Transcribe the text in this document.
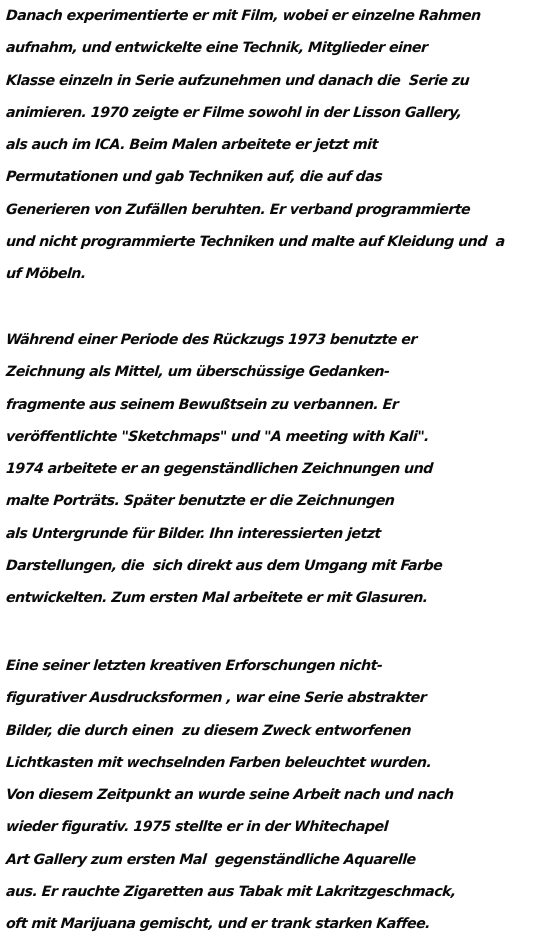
Danach experimentierte er mit Film, wobei er einzelne Rahmen
aufnahm, und entwickelte eine Technik, Mitglieder einer
Klasse einzeln in Serie aufzunehmen und danach die  Serie zu
animieren. 1970 zeigte er Filme sowohl in der Lisson Gallery,
als auch im ICA. Beim Malen arbeitete er jetzt mit
Permutationen und gab Techniken auf, die auf das
Generieren von Zufällen beruhten. Er verband programmierte
und nicht programmierte Techniken und malte auf Kleidung und  a
uf Möbeln.
Während einer Periode des Rückzugs 1973 benutzte er
Zeichnung als Mittel, um überschüssige Gedanken-
fragmente aus seinem Bewußtsein zu verbannen. Er
veröffentlichte "Sketchmaps" und "A meeting with Kali".
1974 arbeitete er an gegenständlichen Zeichnungen und
malte Porträts. Später benutzte er die Zeichnungen
als Untergrunde für Bilder. Ihn interessierten jetzt
Darstellungen, die  sich direkt aus dem Umgang mit Farbe
entwickelten. Zum ersten Mal arbeitete er mit Glasuren.
Eine seiner letzten kreativen Erforschungen nicht-
figurativer Ausdrucksformen , war eine Serie abstrakter
Bilder, die durch einen  zu diesem Zweck entworfenen
Lichtkasten mit wechselnden Farben beleuchtet wurden.
Von diesem Zeitpunkt an wurde seine Arbeit nach und nach
wieder figurativ. 1975 stellte er in der Whitechapel
Art Gallery zum ersten Mal  gegenständliche Aquarelle
aus. Er rauchte Zigaretten aus Tabak mit Lakritzgeschmack,
oft mit Marijuana gemischt, und er trank starken Kaffee.
